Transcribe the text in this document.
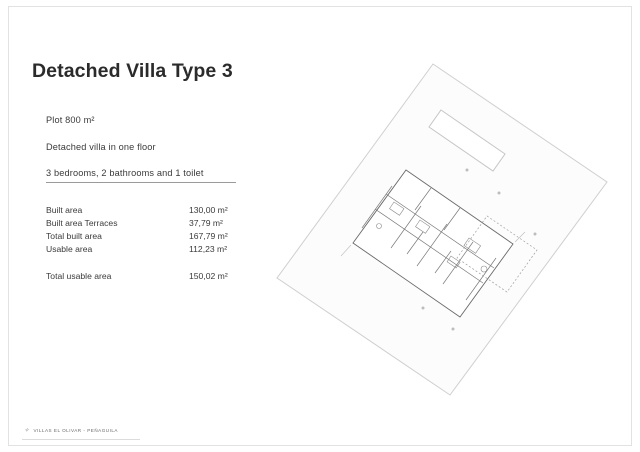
Detached Villa Type 3
Plot 800 m²
Detached villa in one floor
3 bedrooms, 2 bathrooms and 1 toilet
Built area	130,00 m²
Built area Terraces	37,79 m²
Total built area	167,79 m²
Usable area	112,23 m²
Total usable area	150,02 m²
✧ VILLAS EL OLIVAR - PEÑAGUILA
